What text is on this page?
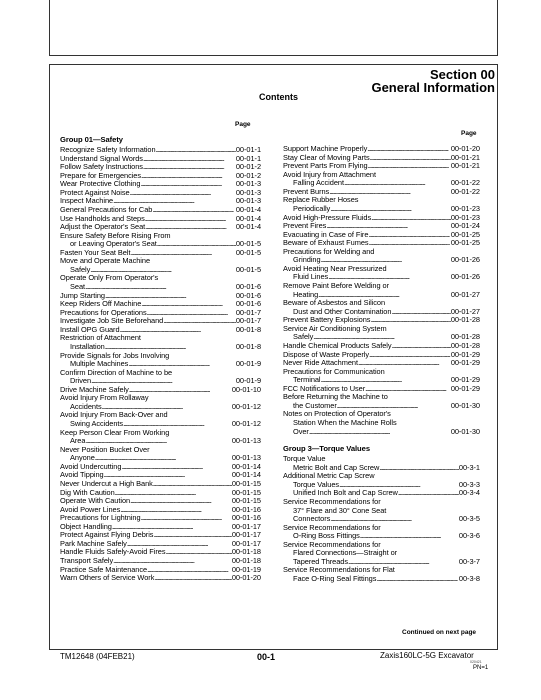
Section 00
General Information
Contents
Page
Page
Group 01—Safety
Recognize Safety Information . . .	00-01-1
Understand Signal Words . . .	00-01-1
Follow Safety Instructions . . .	00-01-2
Prepare for Emergencies . . .	00-01-2
Wear Protective Clothing . . .	00-01-3
Protect Against Noise . . .	00-01-3
Inspect Machine . . .	00-01-3
General Precautions for Cab . . .	00-01-4
Use Handholds and Steps . . .	00-01-4
Adjust the Operator's Seat . . .	00-01-4
Ensure Safety Before Rising From
or Leaving Operator's Seat . . .	00-01-5
Fasten Your Seat Belt . . .	00-01-5
Move and Operate Machine
Safely . . .	00-01-5
Operate Only From Operator's
Seat . . .	00-01-6
Jump Starting . . .	00-01-6
Keep Riders Off Machine . . .	00-01-6
Precautions for Operations . . .	00-01-7
Investigate Job Site Beforehand . . .	00-01-7
Install OPG Guard . . .	00-01-8
Restriction of Attachment
Installation . . .	00-01-8
Provide Signals for Jobs Involving
Multiple Machines . . .	00-01-9
Confirm Direction of Machine to be
Driven . . .	00-01-9
Drive Machine Safely . . .	00-01-10
Avoid Injury From Rollaway
Accidents . . .	00-01-12
Avoid Injury From Back-Over and
Swing Accidents . . .	00-01-12
Keep Person Clear From Working
Area . . .	00-01-13
Never Position Bucket Over
Anyone . . .	00-01-13
Avoid Undercutting . . .	00-01-14
Avoid Tipping . . .	00-01-14
Never Undercut a High Bank . . .	00-01-15
Dig With Caution . . .	00-01-15
Operate With Caution . . .	00-01-15
Avoid Power Lines . . .	00-01-16
Precautions for Lightning . . .	00-01-16
Object Handling . . .	00-01-17
Protect Against Flying Debris . . .	00-01-17
Park Machine Safely . . .	00-01-17
Handle Fluids Safely-Avoid Fires . . .	00-01-18
Transport Safely . . .	00-01-18
Practice Safe Maintenance . . .	00-01-19
Warn Others of Service Work . . .	00-01-20
Support Machine Properly . . .	00-01-20
Stay Clear of Moving Parts . . .	00-01-21
Prevent Parts From Flying . . .	00-01-21
Avoid Injury from Attachment
Falling Accident . . .	00-01-22
Prevent Burns . . .	00-01-22
Replace Rubber Hoses
Periodically . . .	00-01-23
Avoid High-Pressure Fluids . . .	00-01-23
Prevent Fires . . .	00-01-24
Evacuating in Case of Fire . . .	00-01-25
Beware of Exhaust Fumes . . .	00-01-25
Precautions for Welding and
Grinding . . .	00-01-26
Avoid Heating Near Pressurized
Fluid Lines . . .	00-01-26
Remove Paint Before Welding or
Heating . . .	00-01-27
Beware of Asbestos and Silicon
Dust and Other Contamination . . .	00-01-27
Prevent Battery Explosions . . .	00-01-28
Service Air Conditioning System
Safely . . .	00-01-28
Handle Chemical Products Safely . . .	00-01-28
Dispose of Waste Properly . . .	00-01-29
Never Ride Attachment . . .	00-01-29
Precautions for Communication
Terminal . . .	00-01-29
FCC Notifications to User . . .	00-01-29
Before Returning the Machine to
the Customer . . .	00-01-30
Notes on Protection of Operator's
Station When the Machine Rolls
Over . . .	00-01-30
Group 3—Torque Values
Torque Value
Metric Bolt and Cap Screw . . .	00-3-1
Additional Metric Cap Screw
Torque Values . . .	00-3-3
Unified Inch Bolt and Cap Screw . . .	00-3-4
Service Recommendations for
37° Flare and 30° Cone Seat
Connectors . . .	00-3-5
Service Recommendations for
O-Ring Boss Fittings . . .	00-3-6
Service Recommendations for
Flared Connections—Straight or
Tapered Threads . . .	00-3-7
Service Recommendations for Flat
Face O-Ring Seal Fittings . . .	00-3-8
Continued on next page
TM12648 (04FEB21)	00-1	Zaxis160LC-5G Excavator
020421
PN=1
